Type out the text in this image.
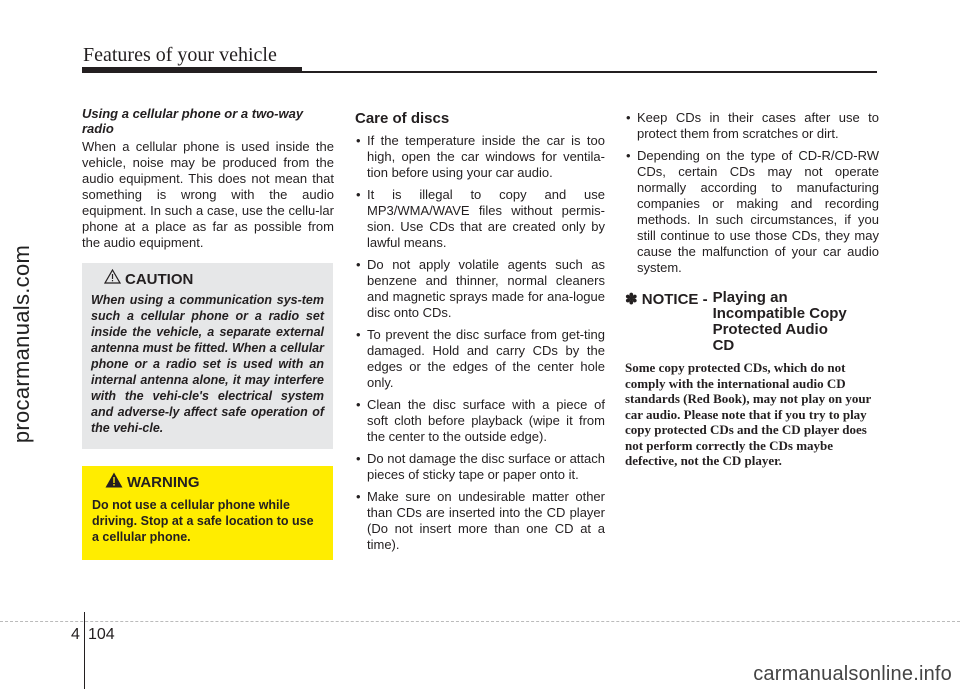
Features of your vehicle
procarmanuals.com

Using a cellular phone or a two-way radio

When a cellular phone is used inside the vehicle, noise may be produced from the audio equipment. This does not mean that something is wrong with the audio equipment. In such a case, use the cellu-lar phone at a place as far as possible from the audio equipment.

CAUTION
When using a communication sys-tem such a cellular phone or a radio set inside the vehicle, a separate external antenna must be fitted. When a cellular phone or a radio set is used with an internal antenna alone, it may interfere with the vehi-cle's electrical system and adverse-ly affect safe operation of the vehi-cle.
WARNING
Do not use a cellular phone while driving. Stop at a safe location to use a cellular phone.
Care of discs
• If the temperature inside the car is too high, open the car windows for ventila-tion before using your car audio.
• It is illegal to copy and use MP3/WMA/WAVE files without permis-sion. Use CDs that are created only by lawful means.
• Do not apply volatile agents such as benzene and thinner, normal cleaners and magnetic sprays made for ana-logue disc onto CDs.
• To prevent the disc surface from get-ting damaged. Hold and carry CDs by the edges or the edges of the center hole only.
• Clean the disc surface with a piece of soft cloth before playback (wipe it from the center to the outside edge).
• Do not damage the disc surface or attach pieces of sticky tape or paper onto it.
• Make sure on undesirable matter other than CDs are inserted into the CD player (Do not insert more than one CD at a time).
• Keep CDs in their cases after use to protect them from scratches or dirt.
• Depending on the type of CD-R/CD-RW CDs, certain CDs may not operate normally according to manufacturing companies or making and recording methods. In such circumstances, if you still continue to use those CDs, they may cause the malfunction of your car audio system.
✽ NOTICE - Playing an Incompatible Copy Protected Audio CD
Some copy protected CDs, which do not comply with the international audio CD standards (Red Book), may not play on your car audio. Please note that if you try to play copy protected CDs and the CD player does not perform correctly the CDs maybe defective, not the CD player.
4 104
carmanualsonline.info
